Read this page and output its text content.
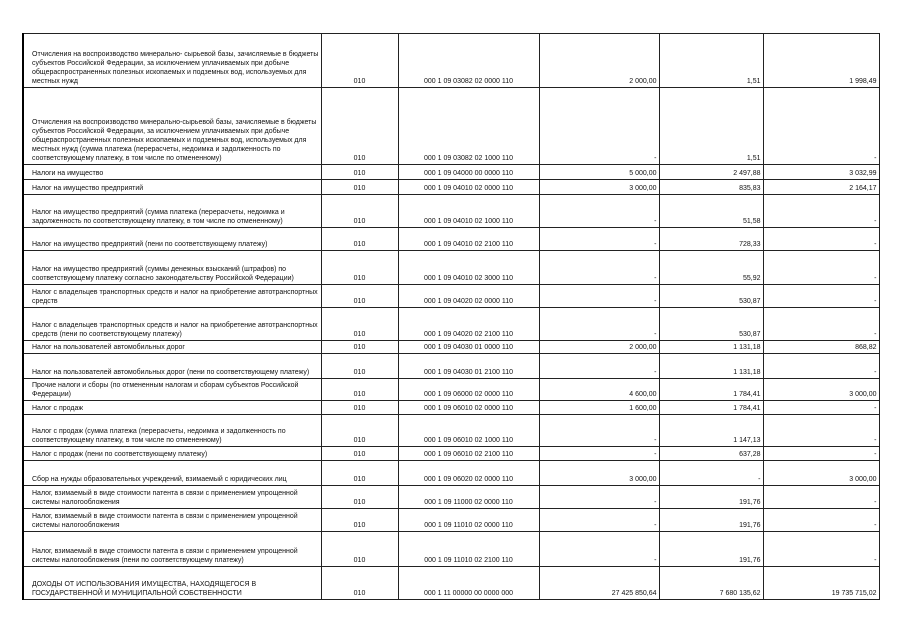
Отчисления на воспроизводство минерально- сырьевой базы, зачисляемые в бюджеты субъектов Российской Федерации, за исключением уплачиваемых при добыче общераспространенных полезных ископаемых и подземных вод, используемых для местных нужд	010	000 1 09 03082 02 0000 110	2 000,00	1,51	1 998,49
Отчисления на воспроизводство минерально-сырьевой базы, зачисляемые в бюджеты субъектов Российской Федерации, за исключением уплачиваемых при добыче общераспространенных полезных ископаемых и подземных вод, используемых для местных нужд (сумма платежа (перерасчеты, недоимка и задолженность по соответствующему платежу, в том числе по отмененному)	010	000 1 09 03082 02 1000 110	-	1,51	-
Налоги на имущество	010	000 1 09 04000 00 0000 110	5 000,00	2 497,88	3 032,99
Налог на имущество предприятий	010	000 1 09 04010 02 0000 110	3 000,00	835,83	2 164,17
Налог на имущество предприятий (сумма платежа (перерасчеты, недоимка и задолженность по соответствующему платежу, в том числе по отмененному)	010	000 1 09 04010 02 1000 110	-	51,58	-
Налог на имущество предприятий (пени по соответствующему платежу)	010	000 1 09 04010 02 2100 110	-	728,33	-
Налог на имущество предприятий (суммы денежных взысканий (штрафов) по соответствующему платежу согласно законодательству Российской Федерации)	010	000 1 09 04010 02 3000 110	-	55,92	-
Налог с владельцев транспортных средств и налог на приобретение автотранспортных средств	010	000 1 09 04020 02 0000 110	-	530,87	-
Налог с владельцев транспортных средств и налог на приобретение автотранспортных средств (пени по соответствующему платежу)	010	000 1 09 04020 02 2100 110	-	530,87	-
Налог на пользователей автомобильных дорог	010	000 1 09 04030 01 0000 110	2 000,00	1 131,18	868,82
Налог на пользователей автомобильных дорог (пени по соответствующему платежу)	010	000 1 09 04030 01 2100 110	-	1 131,18	-
Прочие налоги и сборы (по отмененным налогам и сборам субъектов Российской Федерации)	010	000 1 09 06000 02 0000 110	4 600,00	1 784,41	3 000,00
Налог с продаж	010	000 1 09 06010 02 0000 110	1 600,00	1 784,41	-
Налог с продаж (сумма платежа (перерасчеты, недоимка и задолженность по соответствующему платежу, в том числе по отмененному)	010	000 1 09 06010 02 1000 110	-	1 147,13	-
Налог с продаж (пени по соответствующему платежу)	010	000 1 09 06010 02 2100 110	-	637,28	-
Сбор на нужды образовательных учреждений, взимаемый с юридических лиц	010	000 1 09 06020 02 0000 110	3 000,00	-	3 000,00
Налог, взимаемый в виде стоимости патента в связи с применением упрощенной системы налогообложения	010	000 1 09 11000 02 0000 110	-	191,76	-
Налог, взимаемый в виде стоимости патента в связи с применением упрощенной системы налогообложения	010	000 1 09 11010 02 0000 110	-	191,76	-
Налог, взимаемый в виде стоимости патента в связи с применением упрощенной системы налогообложения (пени по соответствующему платежу)	010	000 1 09 11010 02 2100 110	-	191,76	-
ДОХОДЫ ОТ ИСПОЛЬЗОВАНИЯ ИМУЩЕСТВА, НАХОДЯЩЕГОСЯ В ГОСУДАРСТВЕННОЙ И МУНИЦИПАЛЬНОЙ СОБСТВЕННОСТИ	010	000 1 11 00000 00 0000 000	27 425 850,64	7 680 135,62	19 735 715,02
